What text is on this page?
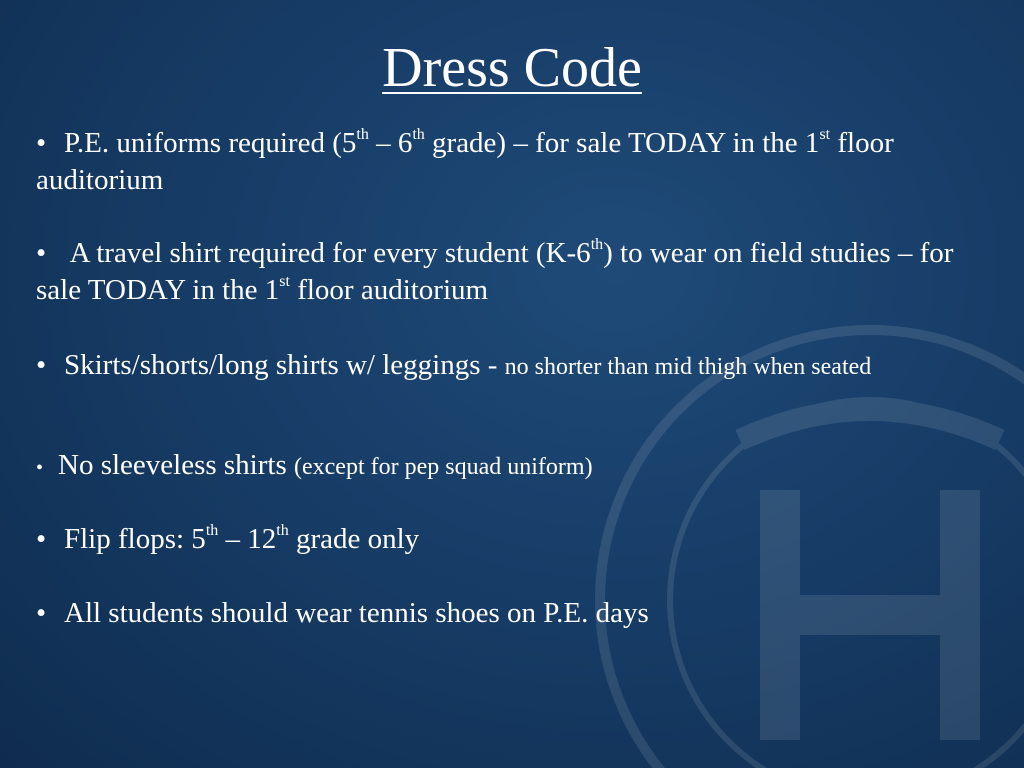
Dress Code
• P.E. uniforms required (5th – 6th grade) – for sale TODAY in the 1st floor auditorium
• A travel shirt required for every student (K-6th) to wear on field studies – for sale TODAY in the 1st floor auditorium
• Skirts/shorts/long shirts w/ leggings - no shorter than mid thigh when seated
• No sleeveless shirts (except for pep squad uniform)
• Flip flops: 5th – 12th grade only
• All students should wear tennis shoes on P.E. days
